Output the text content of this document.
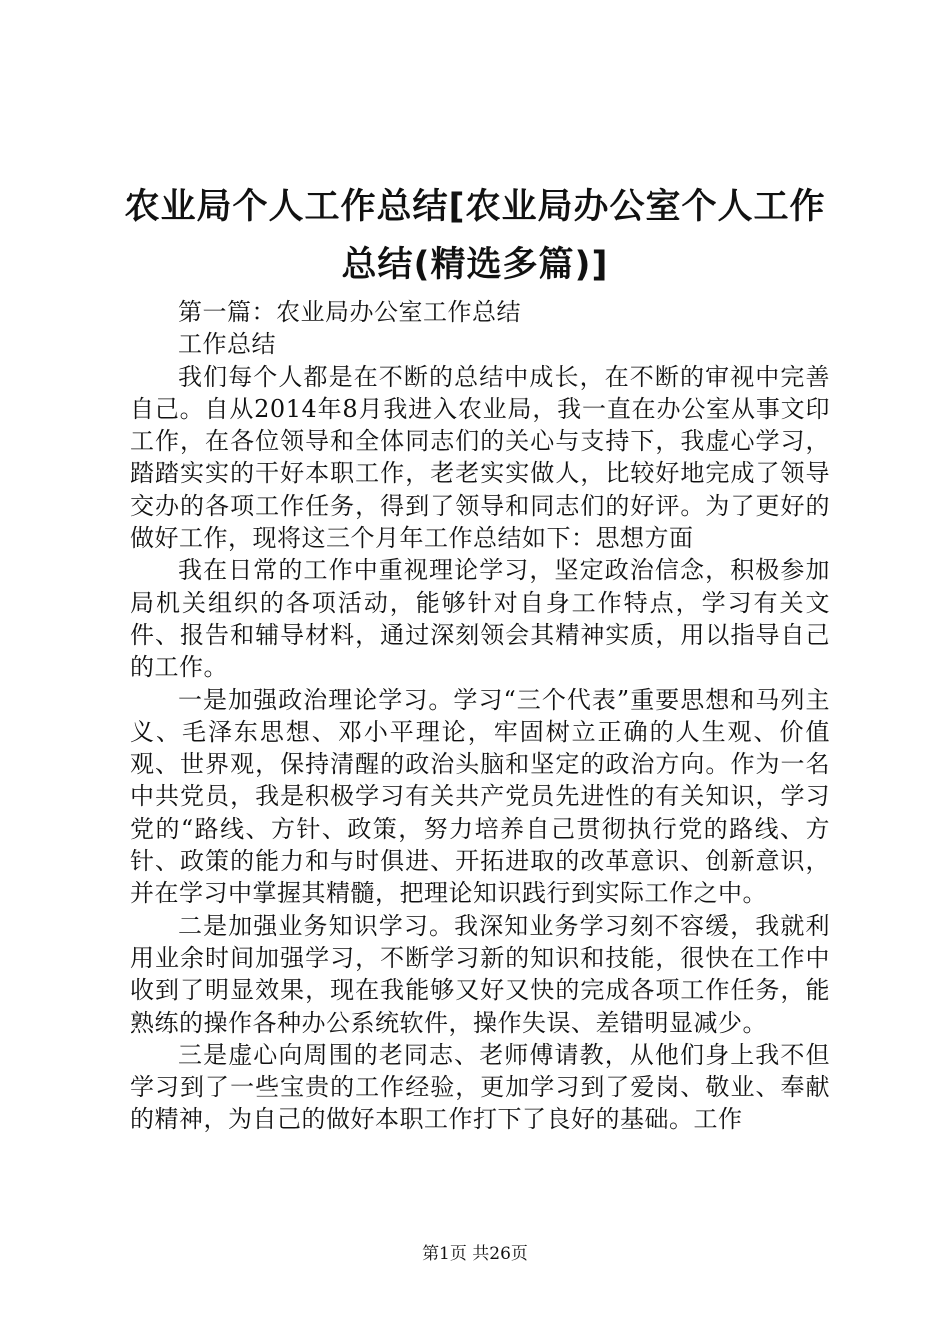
农业局个人工作总结[农业局办公室个人工作
总结(精选多篇)]

第一篇：农业局办公室工作总结

工作总结

我们每个人都是在不断的总结中成长，在不断的审视中完善自己。自从2014年8月我进入农业局，我一直在办公室从事文印工作，在各位领导和全体同志们的关心与支持下，我虚心学习，踏踏实实的干好本职工作，老老实实做人，比较好地完成了领导交办的各项工作任务，得到了领导和同志们的好评。为了更好的做好工作，现将这三个月年工作总结如下：思想方面

我在日常的工作中重视理论学习，坚定政治信念，积极参加局机关组织的各项活动，能够针对自身工作特点，学习有关文件、报告和辅导材料，通过深刻领会其精神实质，用以指导自己的工作。

一是加强政治理论学习。学习“三个代表”重要思想和马列主义、毛泽东思想、邓小平理论，牢固树立正确的人生观、价值观、世界观，保持清醒的政治头脑和坚定的政治方向。作为一名中共党员，我是积极学习有关共产党员先进性的有关知识，学习党的“路线、方针、政策，努力培养自己贯彻执行党的路线、方针、政策的能力和与时俱进、开拓进取的改革意识、创新意识，并在学习中掌握其精髓，把理论知识践行到实际工作之中。

二是加强业务知识学习。我深知业务学习刻不容缓，我就利用业余时间加强学习，不断学习新的知识和技能，很快在工作中收到了明显效果，现在我能够又好又快的完成各项工作任务，能熟练的操作各种办公系统软件，操作失误、差错明显减少。

三是虚心向周围的老同志、老师傅请教，从他们身上我不但学习到了一些宝贵的工作经验，更加学习到了爱岗、敬业、奉献的精神，为自己的做好本职工作打下了良好的基础。工作

第1页 共26页
